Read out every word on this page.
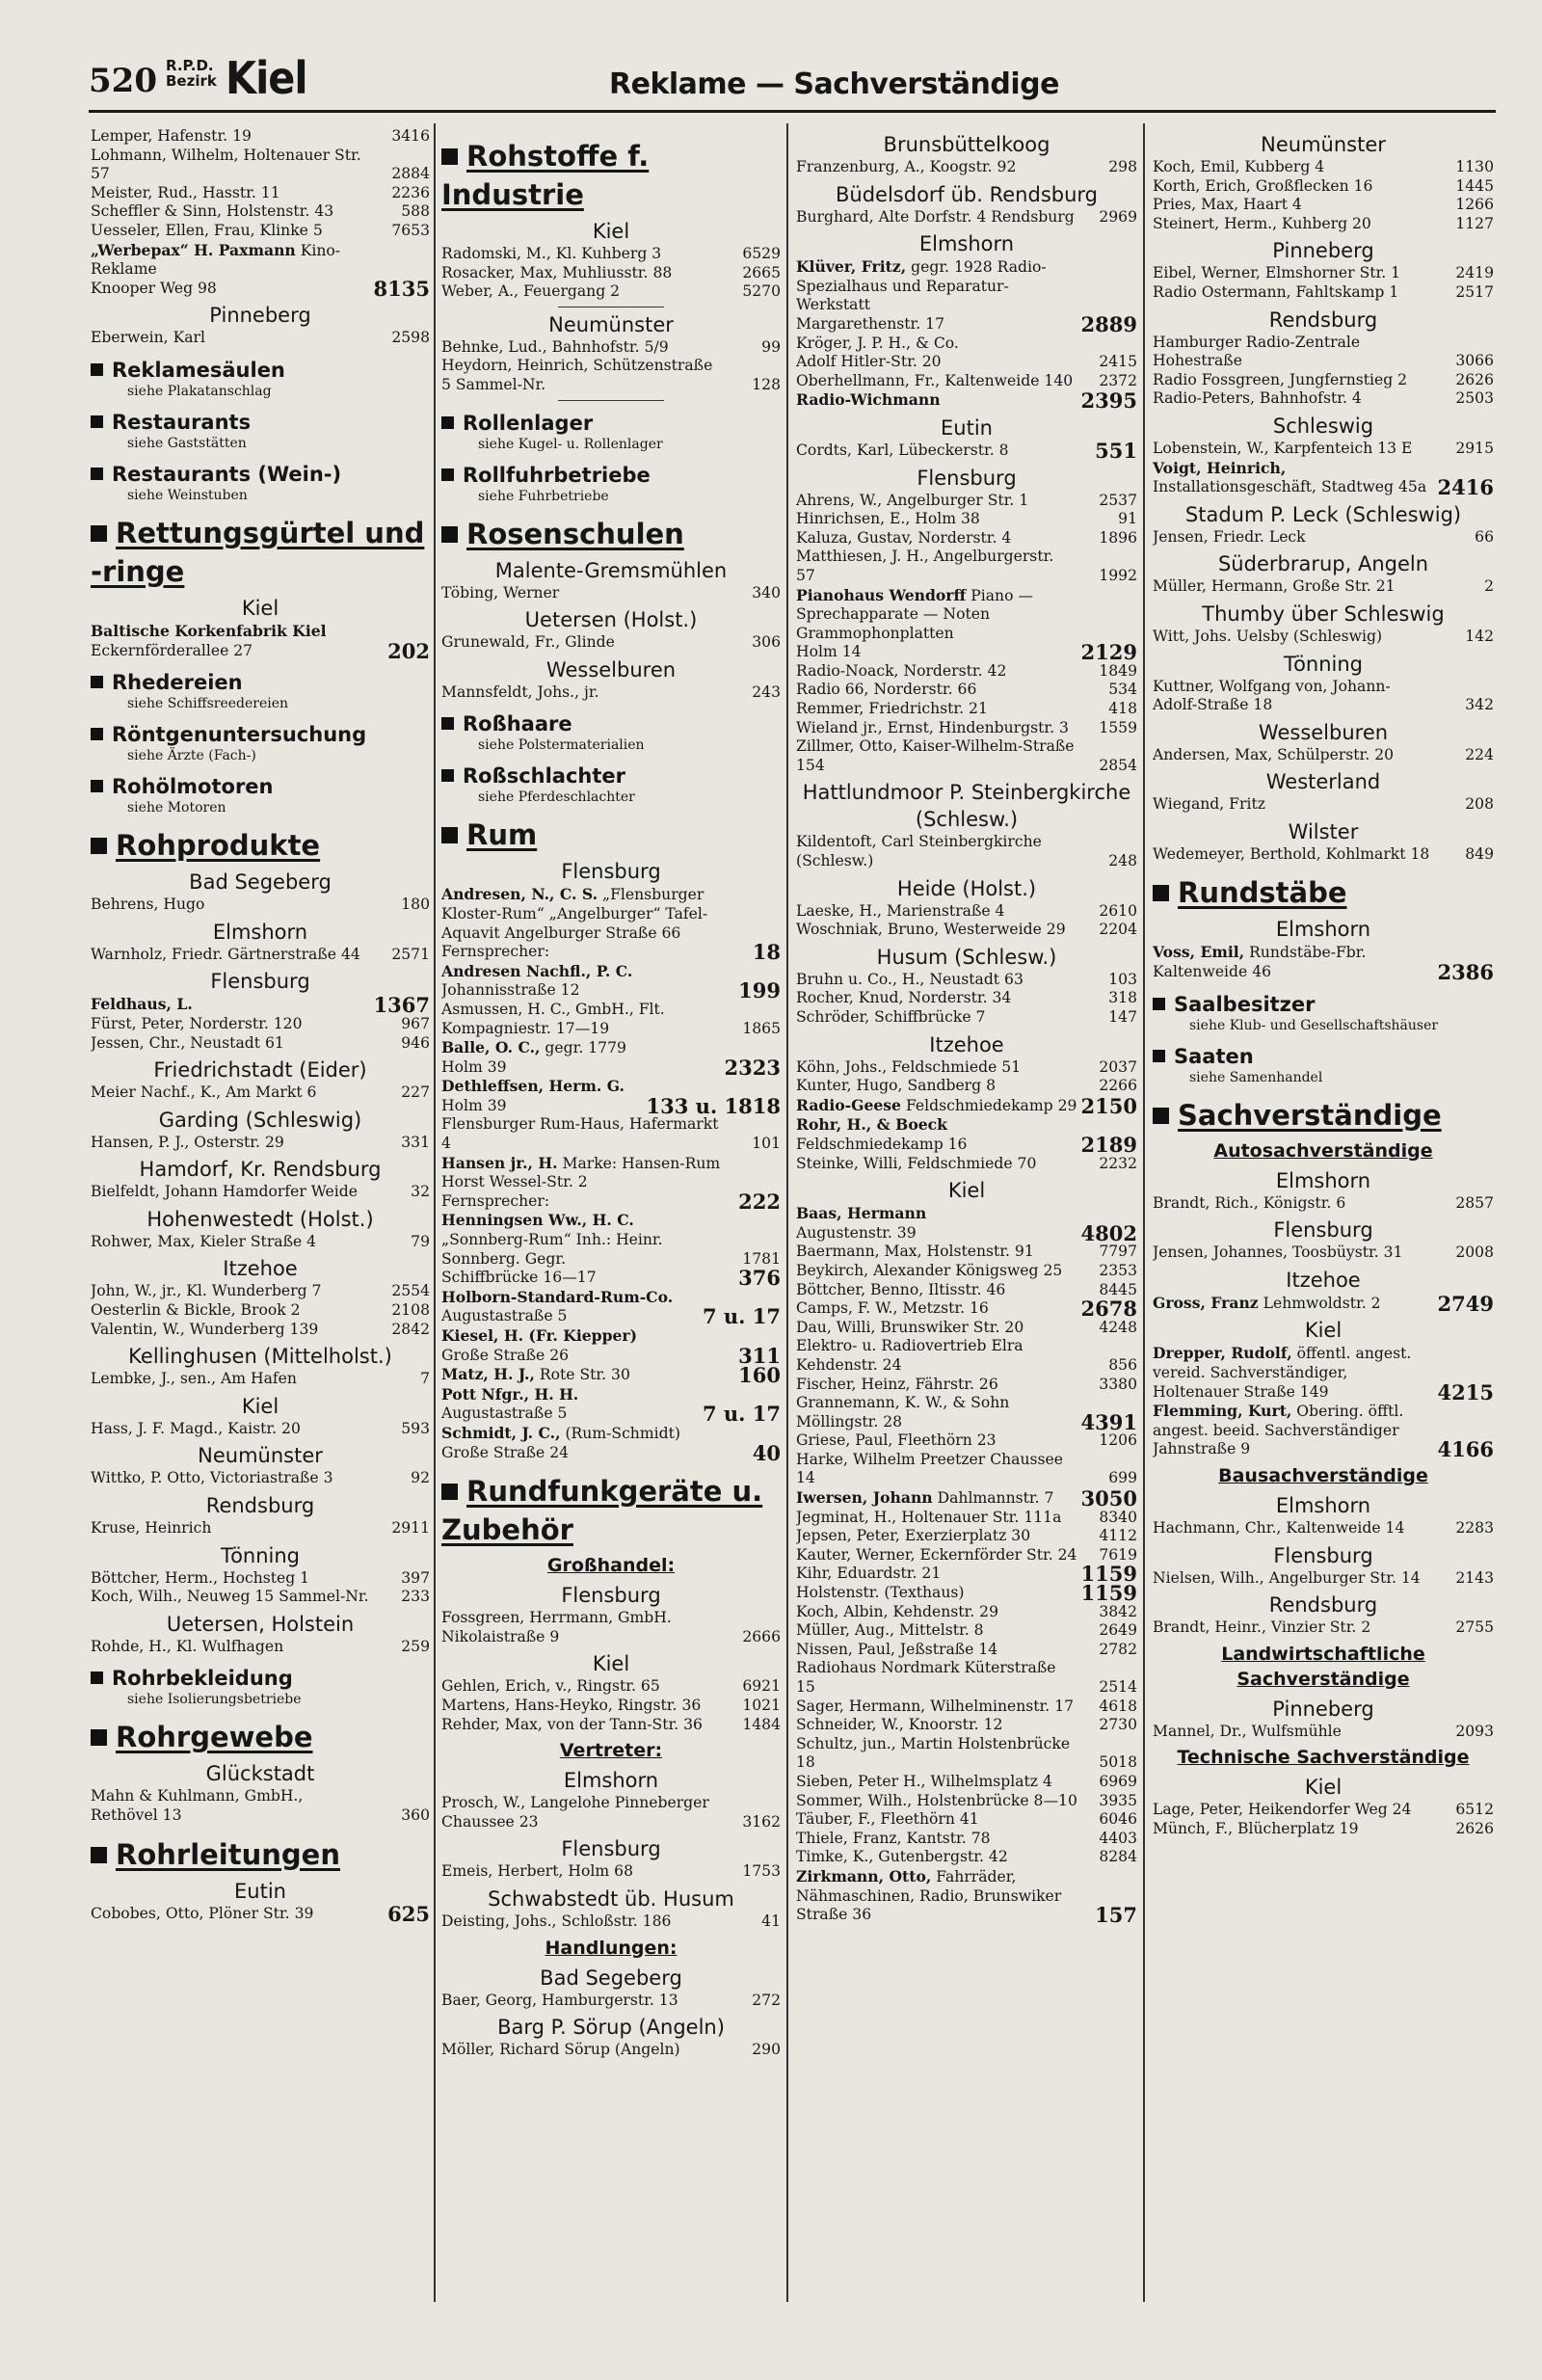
520 R.P.D.
Bezirk Kiel	Reklame — Sachverständige
Lemper, Hafenstr. 19	3416
Lohmann, Wilhelm, Holtenauer Str. 57	2884
Meister, Rud., Hasstr. 11	2236
Scheffler & Sinn, Holstenstr. 43	588
Uesseler, Ellen, Frau, Klinke 5	7653
„Werbepax“ H. Paxmann Kino-Reklame
Knooper Weg 98	8135
Pinneberg
Eberwein, Karl	2598
Reklamesäulen
siehe Plakatanschlag
Restaurants
siehe Gaststätten
Restaurants (Wein-)
siehe Weinstuben
Rettungsgürtel und -ringe
Kiel
Baltische Korkenfabrik Kiel
Eckernförderallee 27	202
Rhedereien
siehe Schiffsreedereien
Röntgenuntersuchung
siehe Ärzte (Fach-)
Rohölmotoren
siehe Motoren
Rohprodukte
Bad Segeberg
Behrens, Hugo	180
Elmshorn
Warnholz, Friedr. Gärtnerstraße 44 2571
Flensburg
Feldhaus, L.	1367
Fürst, Peter, Norderstr. 120	967
Jessen, Chr., Neustadt 61	946
Friedrichstadt (Eider)
Meier Nachf., K., Am Markt 6	227
Garding (Schleswig)
Hansen, P. J., Osterstr. 29	331
Hamdorf, Kr. Rendsburg
Bielfeldt, Johann Hamdorfer Weide	32
Hohenwestedt (Holst.)
Rohwer, Max, Kieler Straße 4	79
Itzehoe
John, W., jr., Kl. Wunderberg 7	2554
Oesterlin & Bickle, Brook 2	2108
Valentin, W., Wunderberg 139	2842
Kellinghusen (Mittelholst.)
Lembke, J., sen., Am Hafen	7
Kiel
Hass, J. F. Magd., Kaistr. 20	593
Neumünster
Wittko, P. Otto, Victoriastraße 3	92
Rendsburg
Kruse, Heinrich	2911
Tönning
Böttcher, Herm., Hochsteg 1	397
Koch, Wilh., Neuweg 15 Sammel-Nr. 233
Uetersen, Holstein
Rohde, H., Kl. Wulfhagen	259
Rohrbekleidung
siehe Isolierungsbetriebe
Rohrgewebe
Glückstadt
Mahn & Kuhlmann, GmbH., Rethövel 13	360
Rohrleitungen
Eutin
Cobobes, Otto, Plöner Str. 39	625
Rohstoffe f. Industrie
Kiel
Radomski, M., Kl. Kuhberg 3	6529
Rosacker, Max, Muhliusstr. 88	2665
Weber, A., Feuergang 2	5270
Neumünster
Behnke, Lud., Bahnhofstr. 5/9	99
Heydorn, Heinrich, Schützenstraße 5 Sammel-Nr.	128
Rollenlager
siehe Kugel- u. Rollenlager
Rollfuhrbetriebe
siehe Fuhrbetriebe
Rosenschulen
Malente-Gremsmühlen
Töbing, Werner	340
Uetersen (Holst.)
Grunewald, Fr., Glinde	306
Wesselburen
Mannsfeldt, Johs., jr.	243
Roßhaare
siehe Polstermaterialien
Roßschlachter
siehe Pferdeschlachter
Rum
Flensburg
Andresen, N., C. S. „Flensburger Kloster-Rum“ „Angelburger“ Tafel-Aquavit Angelburger Straße 66
Fernsprecher:	18
Andresen Nachfl., P. C.
Johannisstraße 12	199
Asmussen, H. C., GmbH., Flt. Kompagniestr. 17—19	1865
Balle, O. C., gegr. 1779
Holm 39	2323
Dethleffsen, Herm. G.
Holm 39	133 u. 1818
Flensburger Rum-Haus, Hafermarkt 4	101
Hansen jr., H. Marke: Hansen-Rum Horst Wessel-Str. 2
Fernsprecher:	222
Henningsen Ww., H. C. „Sonnberg-Rum“ Inh.: Heinr. Sonnberg. Gegr.	1781
Schiffbrücke 16—17	376
Holborn-Standard-Rum-Co.
Augustastraße 5	7 u. 17
Kiesel, H. (Fr. Kiepper)
Große Straße 26	311
Matz, H. J., Rote Str. 30	160
Pott Nfgr., H. H.
Augustastraße 5	7 u. 17
Schmidt, J. C., (Rum-Schmidt) Große Straße 24	40
Rundfunkgeräte u. Zubehör
Großhandel:
Flensburg
Fossgreen, Herrmann, GmbH. Nikolaistraße 9	2666
Kiel
Gehlen, Erich, v., Ringstr. 65	6921
Martens, Hans-Heyko, Ringstr. 36	1021
Rehder, Max, von der Tann-Str. 36	1484
Vertreter:
Elmshorn
Prosch, W., Langelohe Pinneberger Chaussee 23	3162
Flensburg
Emeis, Herbert, Holm 68	1753
Schwabstedt üb. Husum
Deisting, Johs., Schloßstr. 186	41
Handlungen:
Bad Segeberg
Baer, Georg, Hamburgerstr. 13	272
Barg P. Sörup (Angeln)
Möller, Richard Sörup (Angeln)	290
Brunsbüttelkoog
Franzenburg, A., Koogstr. 92	298
Büdelsdorf üb. Rendsburg
Burghard, Alte Dorfstr. 4 Rendsburg 2969
Elmshorn
Klüver, Fritz, gegr. 1928 Radio-Spezialhaus und Reparatur-Werkstatt
Margarethenstr. 17	2889
Kröger, J. P. H., & Co.
Adolf Hitler-Str. 20	2415
Oberhellmann, Fr., Kaltenweide 140 2372
Radio-Wichmann	2395
Eutin
Cordts, Karl, Lübeckerstr. 8	551
Flensburg
Ahrens, W., Angelburger Str. 1	2537
Hinrichsen, E., Holm 38	91
Kaluza, Gustav, Norderstr. 4	1896
Matthiesen, J. H., Angelburgerstr. 57	1992
Pianohaus Wendorff Piano — Sprechapparate — Noten Grammophonplatten
Holm 14	2129
Radio-Noack, Norderstr. 42	1849
Radio 66, Norderstr. 66	534
Remmer, Friedrichstr. 21	418
Wieland jr., Ernst, Hindenburgstr. 3 1559
Zillmer, Otto, Kaiser-Wilhelm-Straße 154	2854
Hattlundmoor P. Steinbergkirche (Schlesw.)
Kildentoft, Carl Steinbergkirche (Schlesw.)	248
Heide (Holst.)
Laeske, H., Marienstraße 4	2610
Woschniak, Bruno, Westerweide 29 2204
Husum (Schlesw.)
Bruhn u. Co., H., Neustadt 63	103
Rocher, Knud, Norderstr. 34	318
Schröder, Schiffbrücke 7	147
Itzehoe
Köhn, Johs., Feldschmiede 51	2037
Kunter, Hugo, Sandberg 8	2266
Radio-Geese Feldschmiedekamp 29 2150
Rohr, H., & Boeck Feldschmiedekamp 16	2189
Steinke, Willi, Feldschmiede 70	2232
Kiel
Baas, Hermann
Augustenstr. 39	4802
Baermann, Max, Holstenstr. 91	7797
Beykirch, Alexander Königsweg 25 2353
Böttcher, Benno, Iltisstr. 46	8445
Camps, F. W., Metzstr. 16	2678
Dau, Willi, Brunswiker Str. 20	4248
Elektro- u. Radiovertrieb Elra Kehdenstr. 24	856
Fischer, Heinz, Fährstr. 26	3380
Grannemann, K. W., & Sohn Möllingstr. 28	4391
Griese, Paul, Fleethörn 23	1206
Harke, Wilhelm Preetzer Chaussee 14	699
Iwersen, Johann Dahlmannstr. 7 3050
Jegminat, H., Holtenauer Str. 111a 8340
Jepsen, Peter, Exerzierplatz 30	4112
Kauter, Werner, Eckernförder Str. 24 7619
Kihr, Eduardstr. 21	1159
Holstenstr. (Texthaus)	1159
Koch, Albin, Kehdenstr. 29	3842
Müller, Aug., Mittelstr. 8	2649
Nissen, Paul, Jeßstraße 14	2782
Radiohaus Nordmark Küterstraße 15	2514
Sager, Hermann, Wilhelminenstr. 17 4618
Schneider, W., Knoorstr. 12	2730
Schultz, jun., Martin Holstenbrücke 18	5018
Sieben, Peter H., Wilhelmsplatz 4	6969
Sommer, Wilh., Holstenbrücke 8—10 3935
Täuber, F., Fleethörn 41	6046
Thiele, Franz, Kantstr. 78	4403
Timke, K., Gutenbergstr. 42	8284
Zirkmann, Otto, Fahrräder, Nähmaschinen, Radio, Brunswiker Straße 36	157
Neumünster
Koch, Emil, Kubberg 4	1130
Korth, Erich, Großflecken 16	1445
Pries, Max, Haart 4	1266
Steinert, Herm., Kuhberg 20	1127
Pinneberg
Eibel, Werner, Elmshorner Str. 1	2419
Radio Ostermann, Fahltskamp 1	2517
Rendsburg
Hamburger Radio-Zentrale Hohestraße	3066
Radio Fossgreen, Jungfernstieg 2	2626
Radio-Peters, Bahnhofstr. 4	2503
Schleswig
Lobenstein, W., Karpfenteich 13 E	2915
Voigt, Heinrich, Installationsgeschäft, Stadtweg 45a 2416
Stadum P. Leck (Schleswig)
Jensen, Friedr. Leck	66
Süderbrarup, Angeln
Müller, Hermann, Große Str. 21	2
Thumby über Schleswig
Witt, Johs. Uelsby (Schleswig)	142
Tönning
Kuttner, Wolfgang von, Johann-Adolf-Straße 18	342
Wesselburen
Andersen, Max, Schülperstr. 20	224
Westerland
Wiegand, Fritz	208
Wilster
Wedemeyer, Berthold, Kohlmarkt 18 849
Rundstäbe
Elmshorn
Voss, Emil, Rundstäbe-Fbr. Kaltenweide 46	2386
Saalbesitzer
siehe Klub- und Gesellschaftshäuser
Saaten
siehe Samenhandel
Sachverständige
Autosachverständige
Elmshorn
Brandt, Rich., Königstr. 6	2857
Flensburg
Jensen, Johannes, Toosbüystr. 31	2008
Itzehoe
Gross, Franz Lehmwoldstr. 2	2749
Kiel
Drepper, Rudolf, öffentl. angest. vereid. Sachverständiger, Holtenauer Straße 149	4215
Flemming, Kurt, Obering. öfftl. angest. beeid. Sachverständiger Jahnstraße 9	4166
Bausachverständige
Elmshorn
Hachmann, Chr., Kaltenweide 14	2283
Flensburg
Nielsen, Wilh., Angelburger Str. 14 2143
Rendsburg
Brandt, Heinr., Vinzier Str. 2	2755
Landwirtschaftliche Sachverständige
Pinneberg
Mannel, Dr., Wulfsmühle	2093
Technische Sachverständige
Kiel
Lage, Peter, Heikendorfer Weg 24	6512
Münch, F., Blücherplatz 19	2626
